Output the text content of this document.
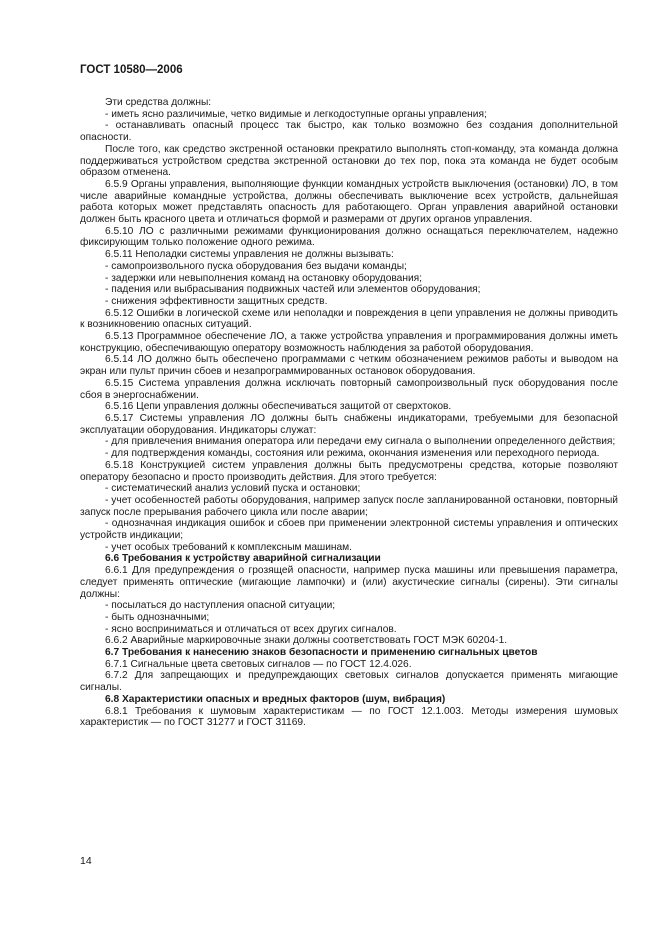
ГОСТ 10580—2006

Эти средства должны:

- иметь ясно различимые, четко видимые и легкодоступные органы управления;

- останавливать опасный процесс так быстро, как только возможно без создания дополнительной опасности.

После того, как средство экстренной остановки прекратило выполнять стоп-команду, эта команда должна поддерживаться устройством средства экстренной остановки до тех пор, пока эта команда не будет особым образом отменена.

6.5.9 Органы управления, выполняющие функции командных устройств выключения (остановки) ЛО, в том числе аварийные командные устройства, должны обеспечивать выключение всех устройств, дальнейшая работа которых может представлять опасность для работающего. Орган управления аварийной остановки должен быть красного цвета и отличаться формой и размерами от других органов управления.

6.5.10 ЛО с различными режимами функционирования должно оснащаться переключателем, надежно фиксирующим только положение одного режима.

6.5.11 Неполадки системы управления не должны вызывать:

- самопроизвольного пуска оборудования без выдачи команды;

- задержки или невыполнения команд на остановку оборудования;

- падения или выбрасывания подвижных частей или элементов оборудования;

- снижения эффективности защитных средств.

6.5.12 Ошибки в логической схеме или неполадки и повреждения в цепи управления не должны приводить к возникновению опасных ситуаций.

6.5.13 Программное обеспечение ЛО, а также устройства управления и программирования должны иметь конструкцию, обеспечивающую оператору возможность наблюдения за работой оборудования.

6.5.14 ЛО должно быть обеспечено программами с четким обозначением режимов работы и выводом на экран или пульт причин сбоев и незапрограммированных остановок оборудования.

6.5.15 Система управления должна исключать повторный самопроизвольный пуск оборудования после сбоя в энергоснабжении.

6.5.16 Цепи управления должны обеспечиваться защитой от сверхтоков.

6.5.17 Системы управления ЛО должны быть снабжены индикаторами, требуемыми для безопасной эксплуатации оборудования. Индикаторы служат:

- для привлечения внимания оператора или передачи ему сигнала о выполнении определенного действия;

- для подтверждения команды, состояния или режима, окончания изменения или переходного периода.

6.5.18 Конструкцией систем управления должны быть предусмотрены средства, которые позволяют оператору безопасно и просто производить действия. Для этого требуется:

- систематический анализ условий пуска и остановки;

- учет особенностей работы оборудования, например запуск после запланированной остановки, повторный запуск после прерывания рабочего цикла или после аварии;

- однозначная индикация ошибок и сбоев при применении электронной системы управления и оптических устройств индикации;

- учет особых требований к комплексным машинам.

6.6 Требования к устройству аварийной сигнализации

6.6.1 Для предупреждения о грозящей опасности, например пуска машины или превышения параметра, следует применять оптические (мигающие лампочки) и (или) акустические сигналы (сирены). Эти сигналы должны:

- посылаться до наступления опасной ситуации;

- быть однозначными;

- ясно восприниматься и отличаться от всех других сигналов.

6.6.2 Аварийные маркировочные знаки должны соответствовать ГОСТ МЭК 60204-1.

6.7 Требования к нанесению знаков безопасности и применению сигнальных цветов

6.7.1 Сигнальные цвета световых сигналов — по ГОСТ 12.4.026.

6.7.2 Для запрещающих и предупреждающих световых сигналов допускается применять мигающие сигналы.

6.8 Характеристики опасных и вредных факторов (шум, вибрация)

6.8.1 Требования к шумовым характеристикам — по ГОСТ 12.1.003. Методы измерения шумовых характеристик — по ГОСТ 31277 и ГОСТ 31169.

14
